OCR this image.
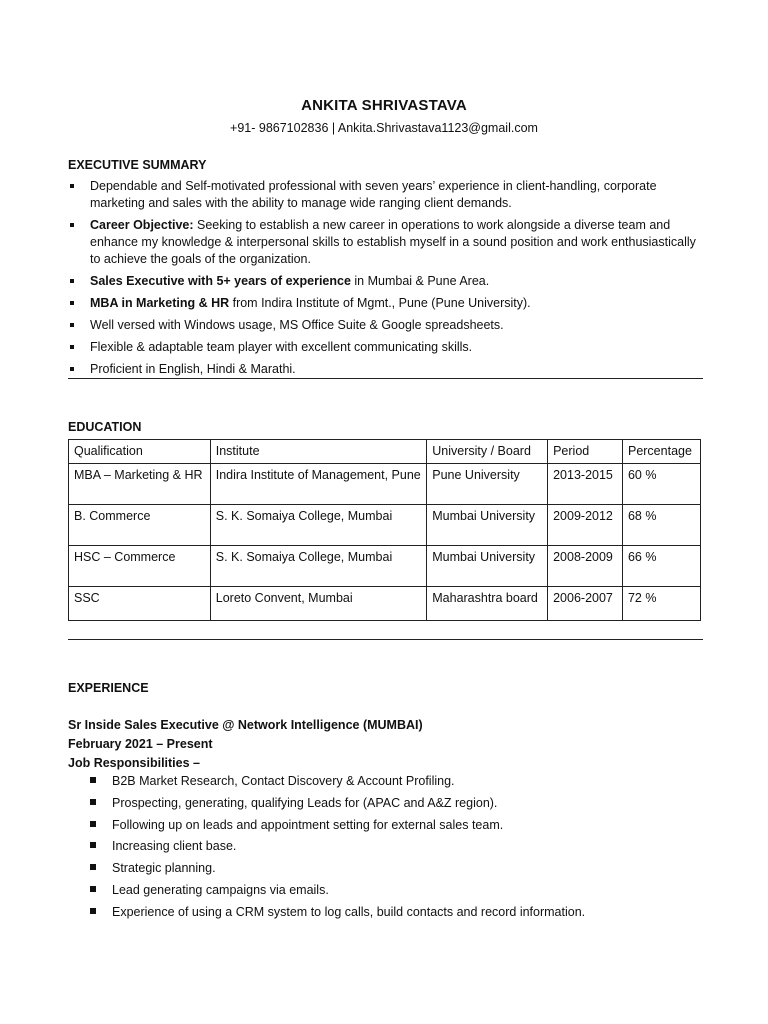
ANKITA SHRIVASTAVA
+91- 9867102836 | Ankita.Shrivastava1123@gmail.com
EXECUTIVE SUMMARY
Dependable and Self-motivated professional with seven years’ experience in client-handling, corporate marketing and sales with the ability to manage wide ranging client demands.
Career Objective: Seeking to establish a new career in operations to work alongside a diverse team and enhance my knowledge & interpersonal skills to establish myself in a sound position and work enthusiastically to achieve the goals of the organization.
Sales Executive with 5+ years of experience in Mumbai & Pune Area.
MBA in Marketing & HR from Indira Institute of Mgmt., Pune (Pune University).
Well versed with Windows usage, MS Office Suite & Google spreadsheets.
Flexible & adaptable team player with excellent communicating skills.
Proficient in English, Hindi & Marathi.
EDUCATION
Qualification	Institute	University / Board	Period	Percentage
MBA – Marketing & HR	Indira Institute of Management, Pune	Pune University	2013-2015	60 %
B. Commerce	S. K. Somaiya College, Mumbai	Mumbai University	2009-2012	68 %
HSC – Commerce	S. K. Somaiya College, Mumbai	Mumbai University	2008-2009	66 %
SSC	Loreto Convent, Mumbai	Maharashtra board	2006-2007	72 %
EXPERIENCE
Sr Inside Sales Executive @ Network Intelligence (MUMBAI)
February 2021 – Present
Job Responsibilities –
B2B Market Research, Contact Discovery & Account Profiling.
Prospecting, generating, qualifying Leads for (APAC and A&Z region).
Following up on leads and appointment setting for external sales team.
Increasing client base.
Strategic planning.
Lead generating campaigns via emails.
Experience of using a CRM system to log calls, build contacts and record information.
